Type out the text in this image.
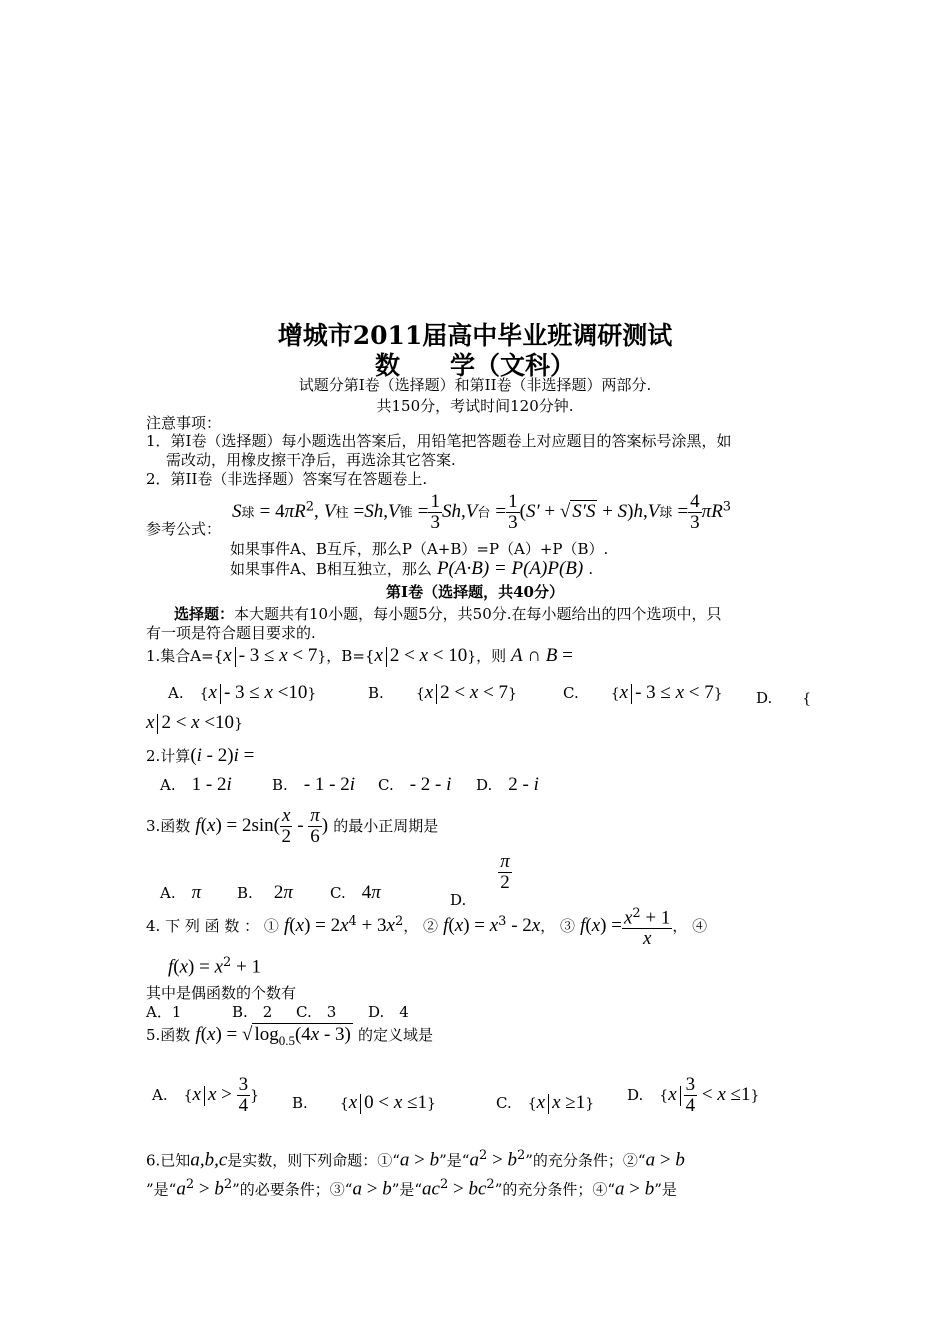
增城市2011届高中毕业班调研测试
数　　学（文科）
试题分第I卷（选择题）和第II卷（非选择题）两部分.
共150分，考试时间120分钟.
注意事项：
1．第I卷（选择题）每小题选出答案后，用铅笔把答题卷上对应题目的答案标号涂黑，如
需改动，用橡皮擦干净后，再选涂其它答案.
2．第II卷（非选择题）答案写在答题卷上.
参考公式：
S球 = $4\pi R^2$, V柱 =Sh,V锥 = $\frac{1}{3} Sh,V$台 = $\frac{1}{3} (S'$ + √ S′S + S)h,V球 = $\frac{4}{3} \pi R^3$
如果事件A、B互斥，那么P（A+B）=P（A）+P（B）.
如果事件A、B相互独立，那么 P(A·B) = P(A)P(B) .
第I卷（选择题，共40分）
选择题：本大题共有10小题，每小题5分，共50分.在每小题给出的四个选项中，只
有一项是符合题目要求的.
1.集合A={x - 3 ≤ x < 7}，B={x 2 < x < 10}，则 A ∩ B =
A.　 {x - 3 ≤ x <10}	B.　　 {x 2 < x < 7}	C.　　 {x - 3 ≤ x < 7} D. {
x 2 < x <10}
2.计算(i - 2)i =
A.　 1 - 2i	B.　 - 1 - 2i C.　 - 2 - i D.　 2 - i
3.函数 $f(x) = 2\sin( \frac{x}{2} - \frac{\pi}{6}$ ) 的最小正周期是
A.　 π B.　 2π C.　 4π	D.　　
$\frac{\pi}{2}$
4. 下 列 函 数 ： ① $f(x) = 2x^4 + 3x^2$， ② $f(x) = x^3 - 2x$， ③ $f(x) = \frac{x^2 + 1}{x}$ ， ④
$f(x) = x^2 + 1$
其中是偶函数的个数有
A．1	B.　2 C.　3 D.　4
5.函数 f(x) = √ $\log_{0.5}(4x - 3)$ 的定义域是
A.　 {x $x > \frac{3}{4}$ } B.　　 {x 0 < x ≤1}	C.　 {x x ≥1} D.　 $\{x \frac{3}{4} < x \le 1\}$
6.已知a,b,c是实数，则下列命题：①“a > b”是“$a^2 > b^2$”的充分条件；②“a > b
”是“$a^2 > b^2$”的必要条件；③“a > b”是“$ac^2 > bc^2$”的充分条件；④“a > b”是
